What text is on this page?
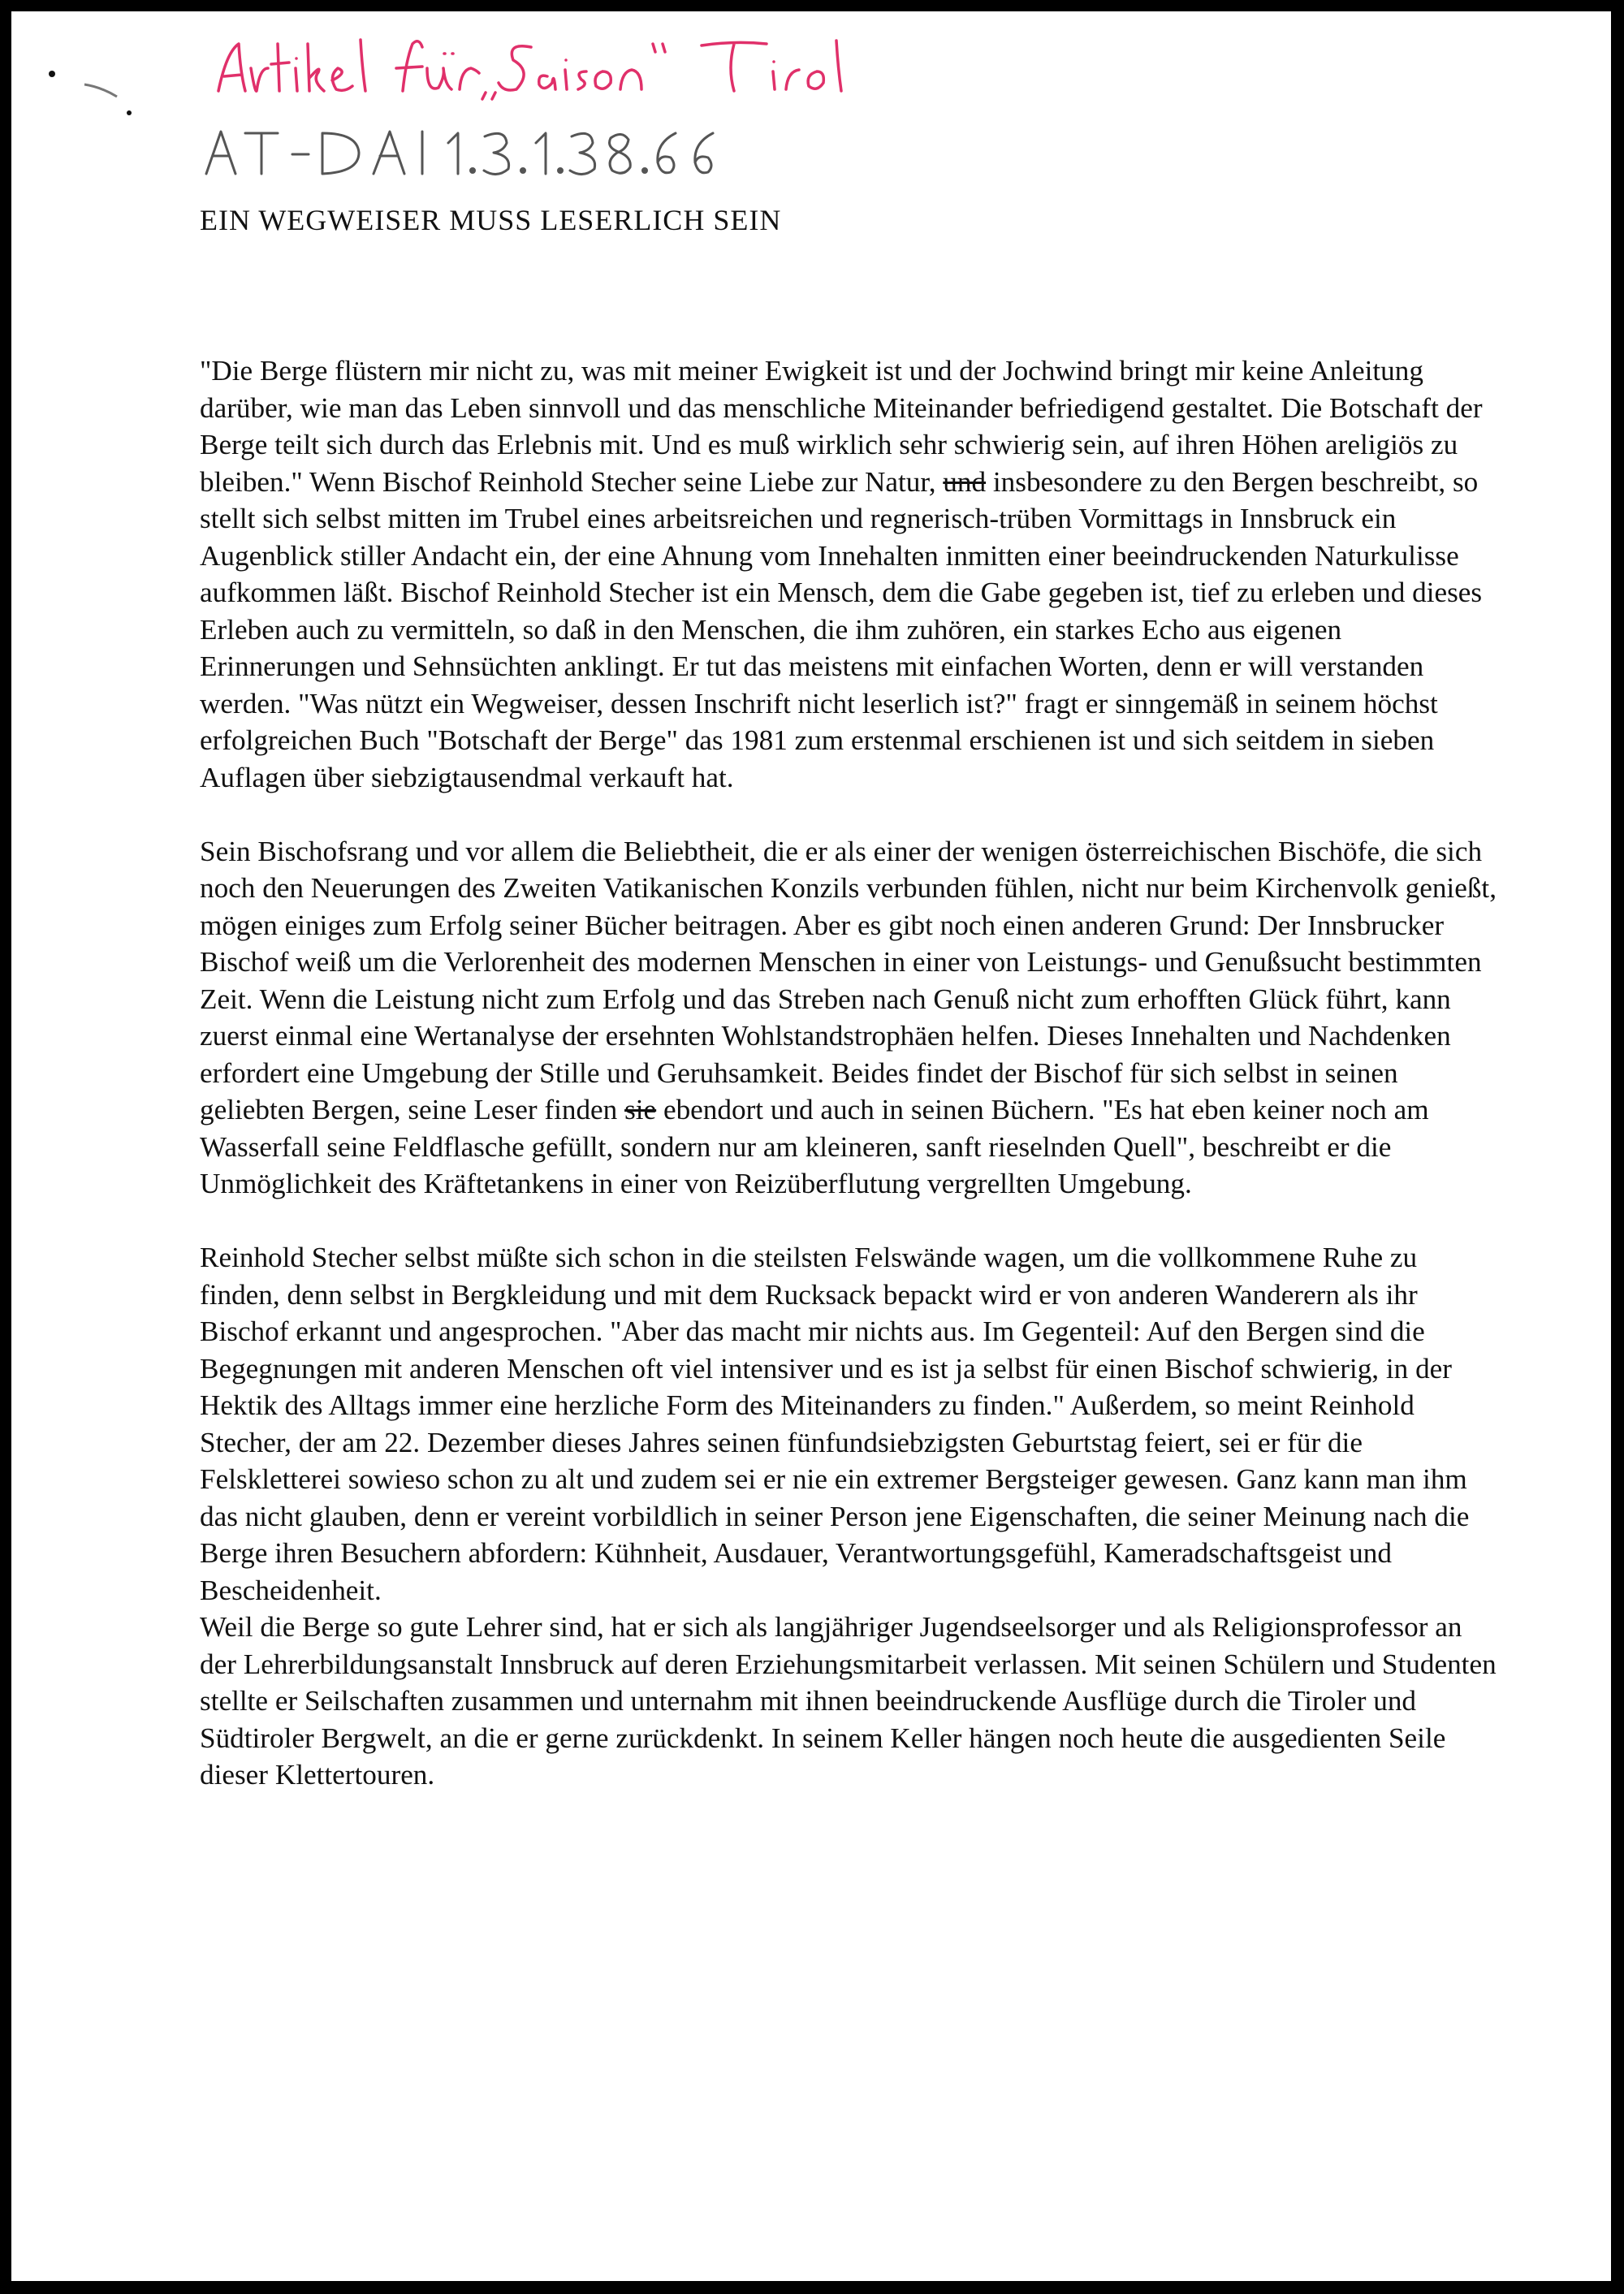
EIN WEGWEISER MUSS LESERLICH SEIN

"Die Berge flüstern mir nicht zu, was mit meiner Ewigkeit ist und der Jochwind bringt mir keine Anleitung darüber, wie man das Leben sinnvoll und das menschliche Miteinander befriedigend gestaltet. Die Botschaft der Berge teilt sich durch das Erlebnis mit. Und es muß wirklich sehr schwierig sein, auf ihren Höhen areligiös zu bleiben." Wenn Bischof Reinhold Stecher seine Liebe zur Natur, und insbesondere zu den Bergen beschreibt, so stellt sich selbst mitten im Trubel eines arbeitsreichen und regnerisch-trüben Vormittags in Innsbruck ein Augenblick stiller Andacht ein, der eine Ahnung vom Innehalten inmitten einer beeindruckenden Naturkulisse aufkommen läßt. Bischof Reinhold Stecher ist ein Mensch, dem die Gabe gegeben ist, tief zu erleben und dieses Erleben auch zu vermitteln, so daß in den Menschen, die ihm zuhören, ein starkes Echo aus eigenen Erinnerungen und Sehnsüchten anklingt. Er tut das meistens mit einfachen Worten, denn er will verstanden werden. "Was nützt ein Wegweiser, dessen Inschrift nicht leserlich ist?" fragt er sinngemäß in seinem höchst erfolgreichen Buch "Botschaft der Berge" das 1981 zum erstenmal erschienen ist und sich seitdem in sieben Auflagen über siebzigtausendmal verkauft hat.

Sein Bischofsrang und vor allem die Beliebtheit, die er als einer der wenigen österreichischen Bischöfe, die sich noch den Neuerungen des Zweiten Vatikanischen Konzils verbunden fühlen, nicht nur beim Kirchenvolk genießt, mögen einiges zum Erfolg seiner Bücher beitragen. Aber es gibt noch einen anderen Grund: Der Innsbrucker Bischof weiß um die Verlorenheit des modernen Menschen in einer von Leistungs- und Genußsucht bestimmten Zeit. Wenn die Leistung nicht zum Erfolg und das Streben nach Genuß nicht zum erhofften Glück führt, kann zuerst einmal eine Wertanalyse der ersehnten Wohlstandstrophäen helfen. Dieses Innehalten und Nachdenken erfordert eine Umgebung der Stille und Geruhsamkeit. Beides findet der Bischof für sich selbst in seinen geliebten Bergen, seine Leser finden sie ebendort und auch in seinen Büchern. "Es hat eben keiner noch am Wasserfall seine Feldflasche gefüllt, sondern nur am kleineren, sanft rieselnden Quell", beschreibt er die Unmöglichkeit des Kräftetankens in einer von Reizüberflutung vergrellten Umgebung.

Reinhold Stecher selbst müßte sich schon in die steilsten Felswände wagen, um die vollkommene Ruhe zu finden, denn selbst in Bergkleidung und mit dem Rucksack bepackt wird er von anderen Wanderern als ihr Bischof erkannt und angesprochen. "Aber das macht mir nichts aus. Im Gegenteil: Auf den Bergen sind die Begegnungen mit anderen Menschen oft viel intensiver und es ist ja selbst für einen Bischof schwierig, in der Hektik des Alltags immer eine herzliche Form des Miteinanders zu finden." Außerdem, so meint Reinhold Stecher, der am 22. Dezember dieses Jahres seinen fünfundsiebzigsten Geburtstag feiert, sei er für die Felskletterei sowieso schon zu alt und zudem sei er nie ein extremer Bergsteiger gewesen. Ganz kann man ihm das nicht glauben, denn er vereint vorbildlich in seiner Person jene Eigenschaften, die seiner Meinung nach die Berge ihren Besuchern abfordern: Kühnheit, Ausdauer, Verantwortungsgefühl, Kameradschaftsgeist und Bescheidenheit.

Weil die Berge so gute Lehrer sind, hat er sich als langjähriger Jugendseelsorger und als Religionsprofessor an der Lehrerbildungsanstalt Innsbruck auf deren Erziehungsmitarbeit verlassen. Mit seinen Schülern und Studenten stellte er Seilschaften zusammen und unternahm mit ihnen beeindruckende Ausflüge durch die Tiroler und Südtiroler Bergwelt, an die er gerne zurückdenkt. In seinem Keller hängen noch heute die ausgedienten Seile dieser Klettertouren.
